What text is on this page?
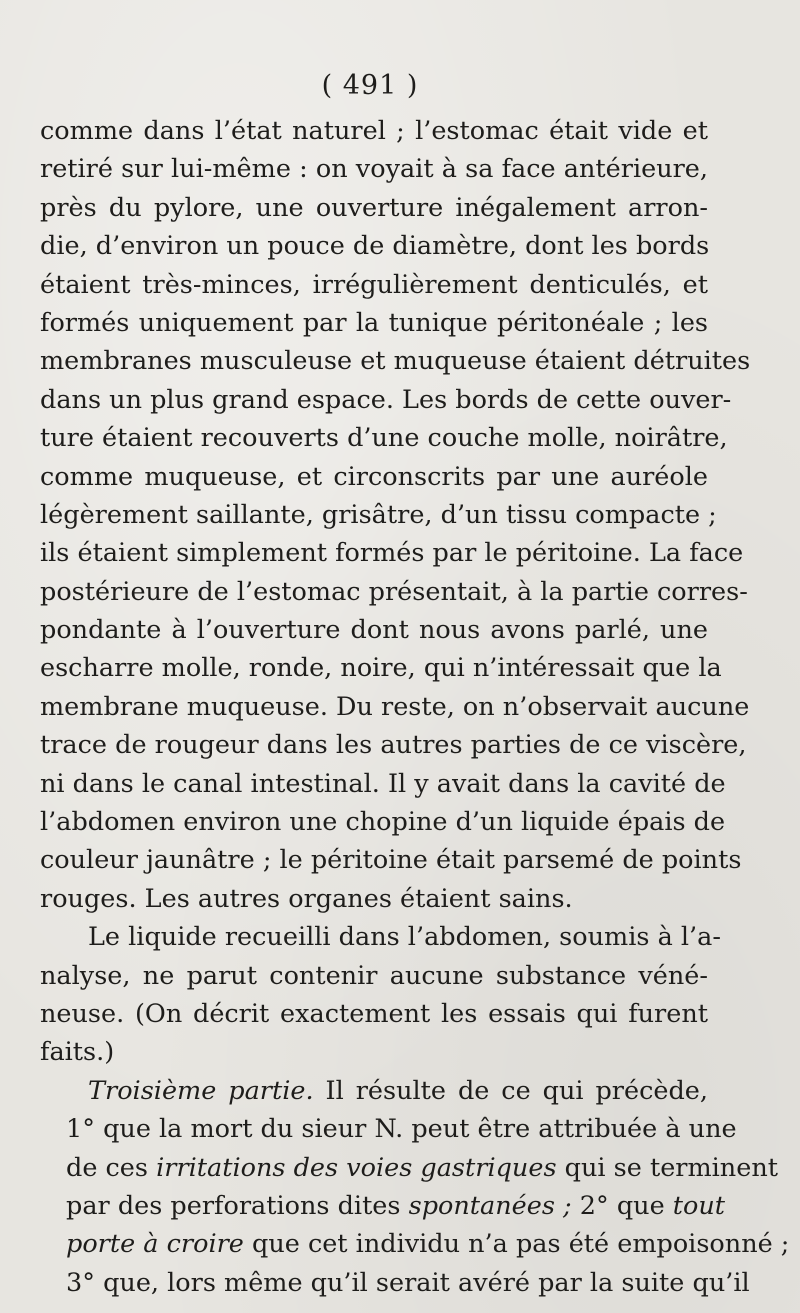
( 491 )
comme dans l’état naturel ; l’estomac était vide et
retiré sur lui-même : on voyait à sa face antérieure,
près du pylore, une ouverture inégalement arron-
die, d’environ un pouce de diamètre, dont les bords
étaient très-minces, irrégulièrement denticulés, et
formés uniquement par la tunique péritonéale ; les
membranes musculeuse et muqueuse étaient détruites
dans un plus grand espace. Les bords de cette ouver-
ture étaient recouverts d’une couche molle, noirâtre,
comme muqueuse, et circonscrits par une auréole
légèrement saillante, grisâtre, d’un tissu compacte ;
ils étaient simplement formés par le péritoine. La face
postérieure de l’estomac présentait, à la partie corres-
pondante à l’ouverture dont nous avons parlé, une
escharre molle, ronde, noire, qui n’intéressait que la
membrane muqueuse. Du reste, on n’observait aucune
trace de rougeur dans les autres parties de ce viscère,
ni dans le canal intestinal. Il y avait dans la cavité de
l’abdomen environ une chopine d’un liquide épais de
couleur jaunâtre ; le péritoine était parsemé de points
rouges. Les autres organes étaient sains.
Le liquide recueilli dans l’abdomen, soumis à l’a-
nalyse, ne parut contenir aucune substance véné-
neuse. (On décrit exactement les essais qui furent
faits.)
Troisième partie. Il résulte de ce qui précède,
1° que la mort du sieur N. peut être attribuée à une
de ces irritations des voies gastriques qui se terminent
par des perforations dites spontanées ; 2° que tout
porte à croire que cet individu n’a pas été empoisonné ;
3° que, lors même qu’il serait avéré par la suite qu’il
